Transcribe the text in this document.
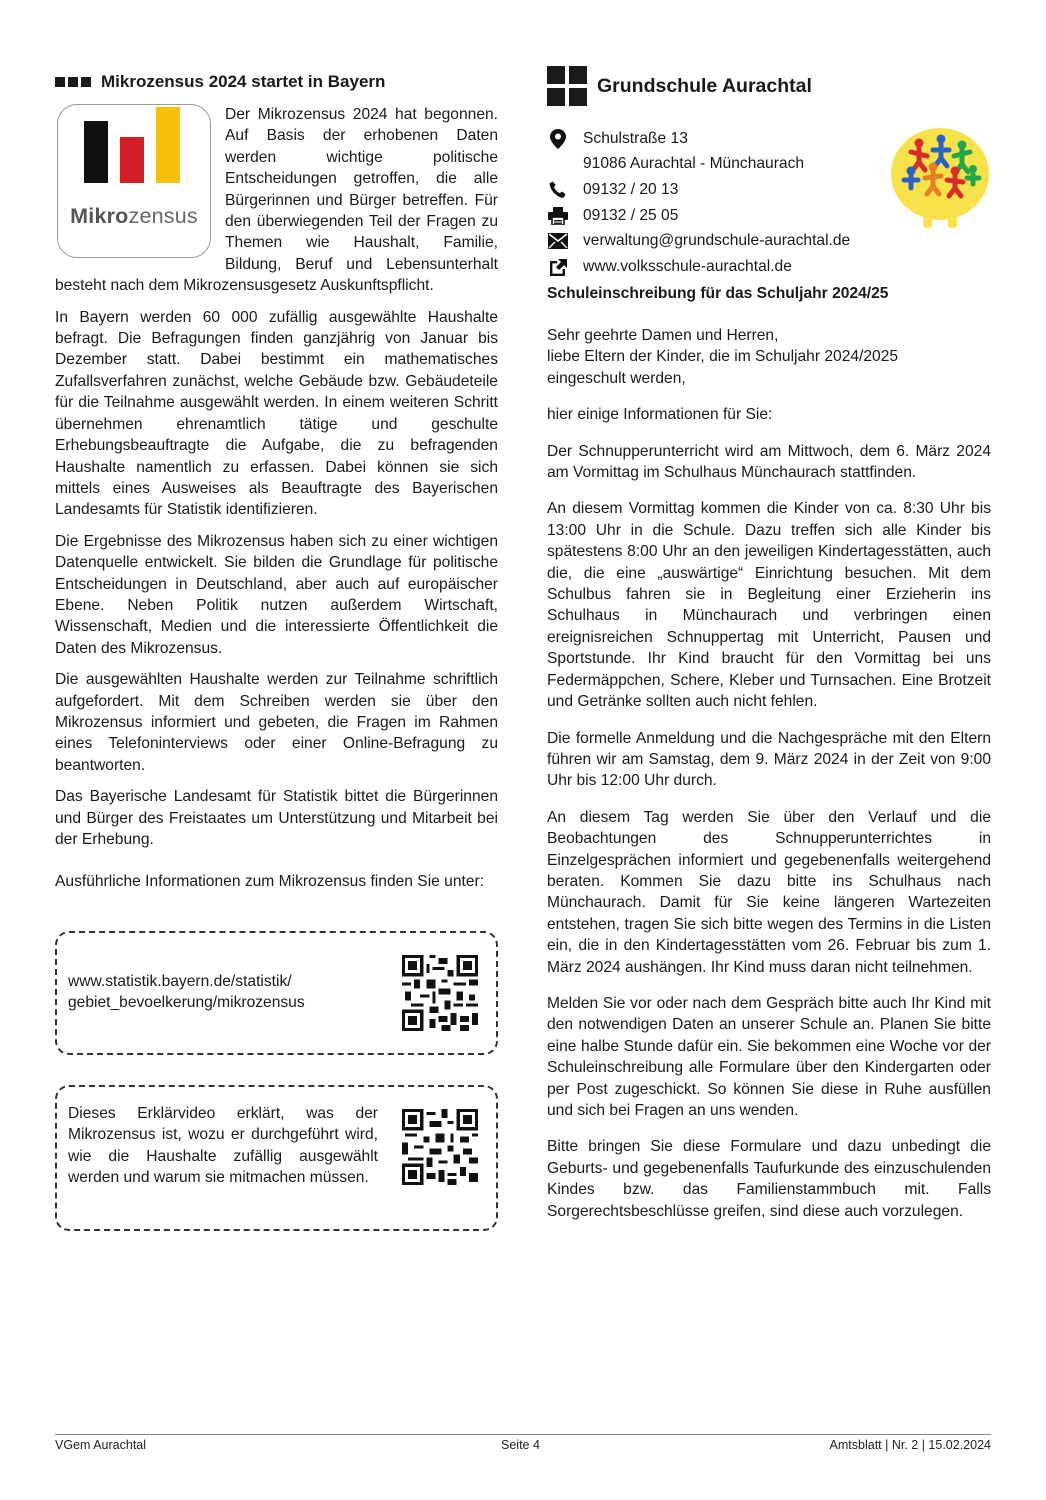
Mikrozensus 2024 startet in Bayern
Mikrozensus

Der Mikrozensus 2024 hat begonnen. Auf Basis der erhobenen Daten werden wichtige politische Entscheidungen getroffen, die alle Bürgerinnen und Bürger betreffen. Für den überwiegenden Teil der Fragen zu Themen wie Haushalt, Familie, Bildung, Beruf und Lebensunterhalt besteht nach dem Mikrozensusgesetz Auskunftspflicht.

In Bayern werden 60 000 zufällig ausgewählte Haushalte befragt. Die Befragungen finden ganzjährig von Januar bis Dezember statt. Dabei bestimmt ein mathematisches Zufallsverfahren zunächst, welche Gebäude bzw. Gebäudeteile für die Teilnahme ausgewählt werden. In einem weiteren Schritt übernehmen ehrenamtlich tätige und geschulte Erhebungsbeauftragte die Aufgabe, die zu befragenden Haushalte namentlich zu erfassen. Dabei können sie sich mittels eines Ausweises als Beauftragte des Bayerischen Landesamts für Statistik identifizieren.

Die Ergebnisse des Mikrozensus haben sich zu einer wichtigen Datenquelle entwickelt. Sie bilden die Grundlage für politische Entscheidungen in Deutschland, aber auch auf europäischer Ebene. Neben Politik nutzen außerdem Wirtschaft, Wissenschaft, Medien und die interessierte Öffentlichkeit die Daten des Mikrozensus.

Die ausgewählten Haushalte werden zur Teilnahme schriftlich aufgefordert. Mit dem Schreiben werden sie über den Mikrozensus informiert und gebeten, die Fragen im Rahmen eines Telefoninterviews oder einer Online-Befragung zu beantworten.

Das Bayerische Landesamt für Statistik bittet die Bürgerinnen und Bürger des Freistaates um Unterstützung und Mitarbeit bei der Erhebung.

Ausführliche Informationen zum Mikrozensus finden Sie unter:

www.statistik.bayern.de/statistik/
gebiet_bevoelkerung/mikrozensus
Dieses Erklärvideo erklärt, was der Mikrozensus ist, wozu er durchgeführt wird, wie die Haushalte zufällig ausgewählt werden und warum sie mitmachen müssen.
Grundschule Aurachtal
Schulstraße 13
91086 Aurachtal - Münchaurach
09132 / 20 13
09132 / 25 05
verwaltung@grundschule-aurachtal.de
www.volksschule-aurachtal.de
Schuleinschreibung für das Schuljahr 2024/25

Sehr geehrte Damen und Herren,

liebe Eltern der Kinder, die im Schuljahr 2024/2025

eingeschult werden,

hier einige Informationen für Sie:

Der Schnupperunterricht wird am Mittwoch, dem 6. März 2024 am Vormittag im Schulhaus Münchaurach stattfinden.

An diesem Vormittag kommen die Kinder von ca. 8:30 Uhr bis 13:00 Uhr in die Schule. Dazu treffen sich alle Kinder bis spätestens 8:00 Uhr an den jeweiligen Kindertagesstätten, auch die, die eine „auswärtige“ Einrichtung besuchen. Mit dem Schulbus fahren sie in Begleitung einer Erzieherin ins Schulhaus in Münchaurach und verbringen einen ereignisreichen Schnuppertag mit Unterricht, Pausen und Sportstunde. Ihr Kind braucht für den Vormittag bei uns Federmäppchen, Schere, Kleber und Turnsachen. Eine Brotzeit und Getränke sollten auch nicht fehlen.

Die formelle Anmeldung und die Nachgespräche mit den Eltern führen wir am Samstag, dem 9. März 2024 in der Zeit von 9:00 Uhr bis 12:00 Uhr durch.

An diesem Tag werden Sie über den Verlauf und die Beobachtungen des Schnupperunterrichtes in Einzelgesprächen informiert und gegebenenfalls weitergehend beraten. Kommen Sie dazu bitte ins Schulhaus nach Münchaurach. Damit für Sie keine längeren Wartezeiten entstehen, tragen Sie sich bitte wegen des Termins in die Listen ein, die in den Kindertagesstätten vom 26. Februar bis zum 1. März 2024 aushängen. Ihr Kind muss daran nicht teilnehmen.

Melden Sie vor oder nach dem Gespräch bitte auch Ihr Kind mit den notwendigen Daten an unserer Schule an. Planen Sie bitte eine halbe Stunde dafür ein. Sie bekommen eine Woche vor der Schuleinschreibung alle Formulare über den Kindergarten oder per Post zugeschickt. So können Sie diese in Ruhe ausfüllen und sich bei Fragen an uns wenden.

Bitte bringen Sie diese Formulare und dazu unbedingt die Geburts- und gegebenenfalls Taufurkunde des einzuschulenden Kindes bzw. das Familienstammbuch mit. Falls Sorgerechtsbeschlüsse greifen, sind diese auch vorzulegen.

VGem Aurachtal	Seite 4	Amtsblatt | Nr. 2 | 15.02.2024
